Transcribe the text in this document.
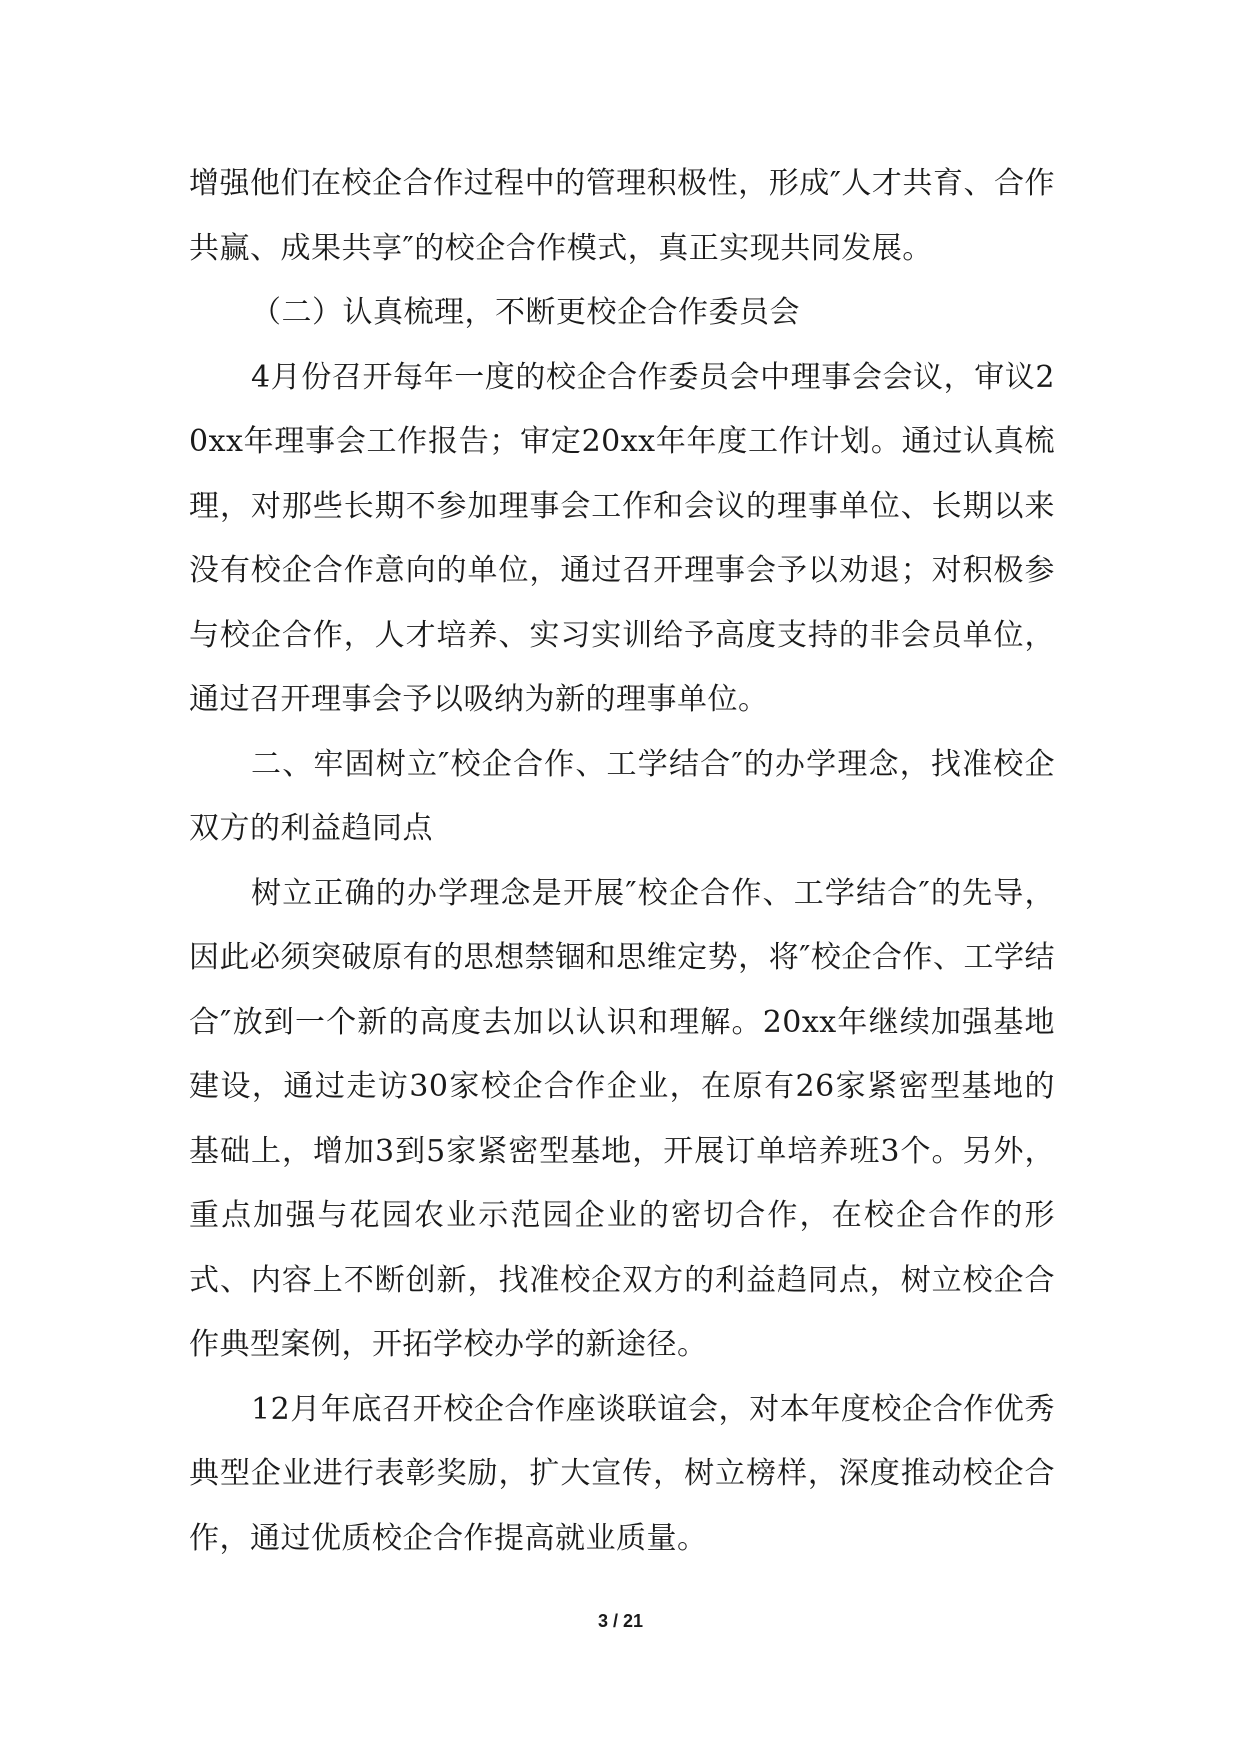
增强他们在校企合作过程中的管理积极性，形成″人才共育、合作共赢、成果共享″的校企合作模式，真正实现共同发展。

（二）认真梳理，不断更校企合作委员会

4月份召开每年一度的校企合作委员会中理事会会议，审议20xx年理事会工作报告；审定20xx年年度工作计划。通过认真梳理，对那些长期不参加理事会工作和会议的理事单位、长期以来没有校企合作意向的单位，通过召开理事会予以劝退；对积极参与校企合作，人才培养、实习实训给予高度支持的非会员单位，通过召开理事会予以吸纳为新的理事单位。

二、牢固树立″校企合作、工学结合″的办学理念，找准校企双方的利益趋同点

树立正确的办学理念是开展″校企合作、工学结合″的先导，因此必须突破原有的思想禁锢和思维定势，将″校企合作、工学结合″放到一个新的高度去加以认识和理解。20xx年继续加强基地建设，通过走访30家校企合作企业，在原有26家紧密型基地的基础上，增加3到5家紧密型基地，开展订单培养班3个。另外，重点加强与花园农业示范园企业的密切合作，在校企合作的形式、内容上不断创新，找准校企双方的利益趋同点，树立校企合作典型案例，开拓学校办学的新途径。

12月年底召开校企合作座谈联谊会，对本年度校企合作优秀典型企业进行表彰奖励，扩大宣传，树立榜样，深度推动校企合作，通过优质校企合作提高就业质量。

3 / 21
